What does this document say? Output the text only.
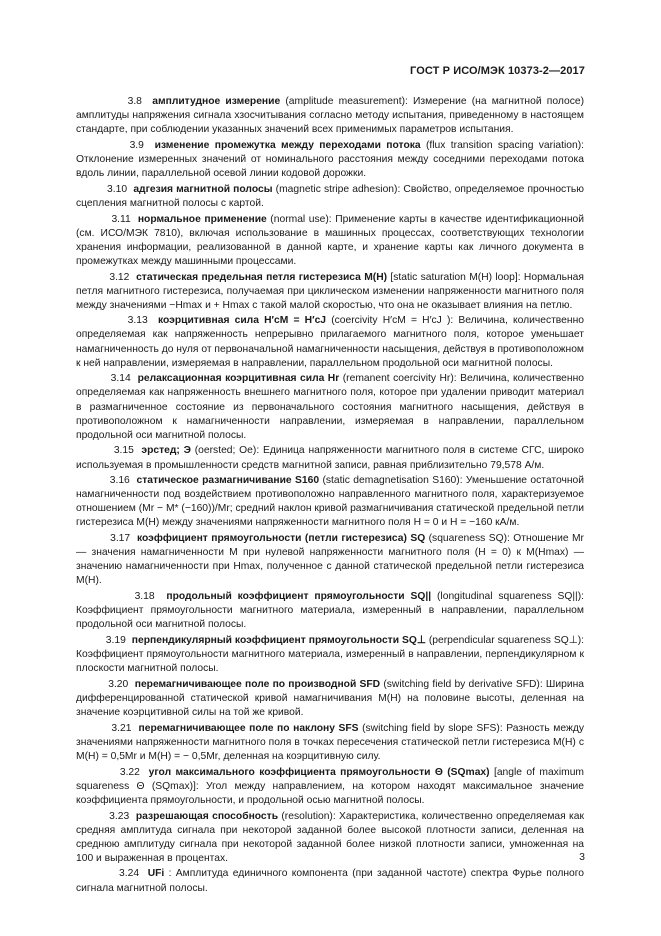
ГОСТ Р ИСО/МЭК 10373-2—2017

3.8 амплитудное измерение (amplitude measurement): Измерение (на магнитной полосе) амплитуды напряжения сигнала хзосчитывания согласно методу испытания, приведенному в настоящем стандарте, при соблюдении указанных значений всех применимых параметров испытания.

3.9 изменение промежутка между переходами потока (flux transition spacing variation): Отклонение измеренных значений от номинального расстояния между соседними переходами потока вдоль линии, параллельной осевой линии кодовой дорожки.

3.10 адгезия магнитной полосы (magnetic stripe adhesion): Свойство, определяемое прочностью сцепления магнитной полосы с картой.

3.11 нормальное применение (normal use): Применение карты в качестве идентификационной (см. ИСО/МЭК 7810), включая использование в машинных процессах, соответствующих технологии хранения информации, реализованной в данной карте, и хранение карты как личного документа в промежутках между машинными процессами.

3.12 статическая предельная петля гистерезиса M(H) [static saturation M(H) loop]: Нормальная петля магнитного гистерезиса, получаемая при циклическом изменении напряженности магнитного поля между значениями −Hmax и + Hmax с такой малой скоростью, что она не оказывает влияния на петлю.

3.13 коэрцитивная сила H′cM = H′cJ (coercivity H′cM = H′cJ ): Величина, количественно определяемая как напряженность непрерывно прилагаемого магнитного поля, которое уменьшает намагниченность до нуля от первоначальной намагниченности насыщения, действуя в противоположном к ней направлении, измеряемая в направлении, параллельном продольной оси магнитной полосы.

3.14 релаксационная коэрцитивная сила Hr (remanent coercivity Hr): Величина, количественно определяемая как напряженность внешнего магнитного поля, которое при удалении приводит материал в размагниченное состояние из первоначального состояния магнитного насыщения, действуя в противоположном к намагниченности направлении, измеряемая в направлении, параллельном продольной оси магнитной полосы.

3.15 эрстед; Э (oersted; Oe): Единица напряженности магнитного поля в системе СГС, широко используемая в промышленности средств магнитной записи, равная приблизительно 79,578 А/м.

3.16 статическое размагничивание S160 (static demagnetisation S160): Уменьшение остаточной намагниченности под воздействием противоположно направленного магнитного поля, характеризуемое отношением (Mr − M* (−160))/Mr; средний наклон кривой размагничивания статической предельной петли гистерезиса M(H) между значениями напряженности магнитного поля H = 0 и H = −160 кА/м.

3.17 коэффициент прямоугольности (петли гистерезиса) SQ (squareness SQ): Отношение Mr — значения намагниченности M при нулевой напряженности магнитного поля (H = 0) к M(Hmax) — значению намагниченности при Hmax, полученное с данной статической предельной петли гистерезиса M(H).

3.18 продольный коэффициент прямоугольности SQ|| (longitudinal squareness SQ||): Коэффициент прямоугольности магнитного материала, измеренный в направлении, параллельном продольной оси магнитной полосы.

3.19 перпендикулярный коэффициент прямоугольности SQ⊥ (perpendicular squareness SQ⊥): Коэффициент прямоугольности магнитного материала, измеренный в направлении, перпендикулярном к плоскости магнитной полосы.

3.20 перемагничивающее поле по производной SFD (switching field by derivative SFD): Ширина дифференцированной статической кривой намагничивания M(H) на половине высоты, деленная на значение коэрцитивной силы на той же кривой.

3.21 перемагничивающее поле по наклону SFS (switching field by slope SFS): Разность между значениями напряженности магнитного поля в точках пересечения статической петли гистерезиса M(H) с M(H) = 0,5Mr и M(H) = − 0,5Mr, деленная на коэрцитивную силу.

3.22 угол максимального коэффициента прямоугольности Θ (SQmax) [angle of maximum squareness Θ (SQmax)]: Угол между направлением, на котором находят максимальное значение коэффициента прямоугольности, и продольной осью магнитной полосы.

3.23 разрешающая способность (resolution): Характеристика, количественно определяемая как средняя амплитуда сигнала при некоторой заданной более высокой плотности записи, деленная на среднюю амплитуду сигнала при некоторой заданной более низкой плотности записи, умноженная на 100 и выраженная в процентах.

3.24 UFi : Амплитуда единичного компонента (при заданной частоте) спектра Фурье полного сигнала магнитной полосы.

3
